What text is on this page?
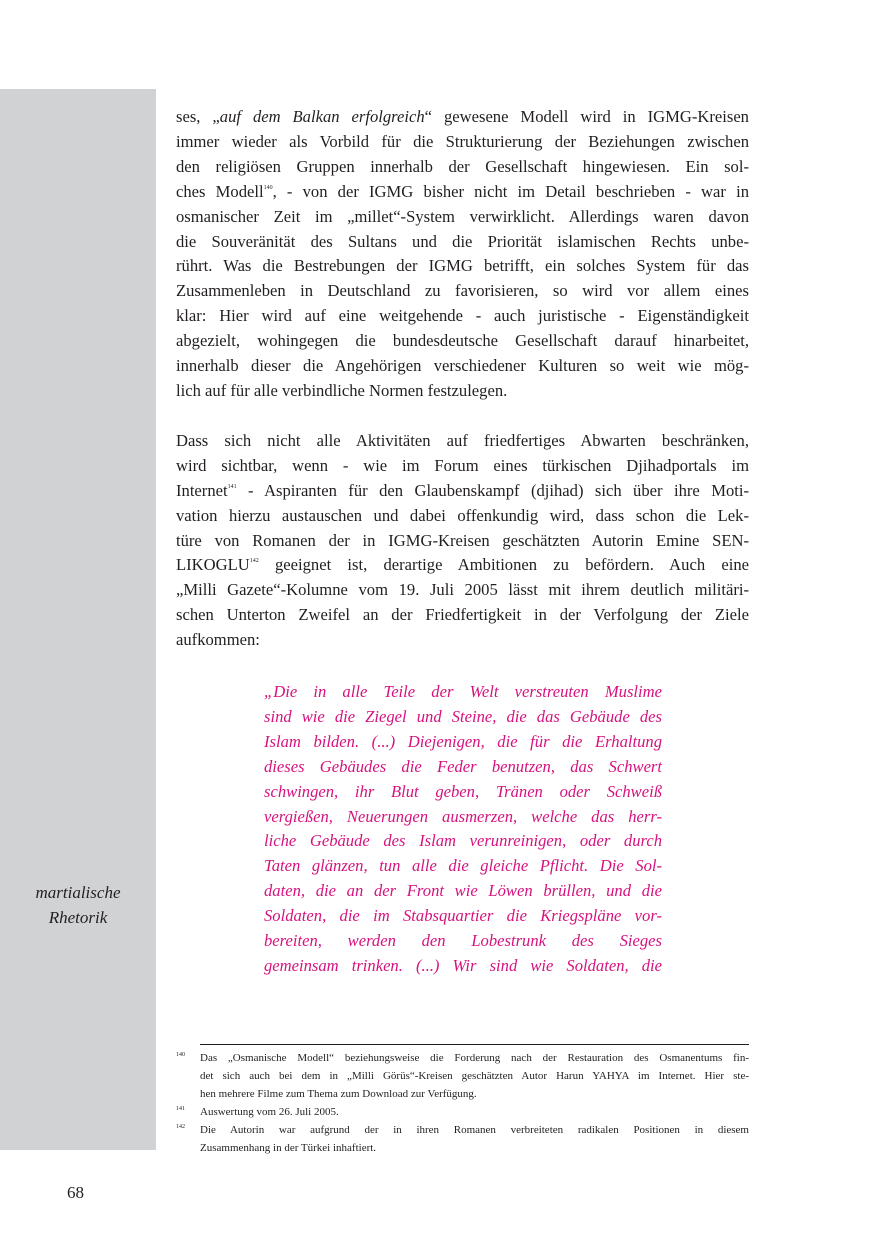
martialische
Rhetorik

ses, „auf dem Balkan erfolgreich“ gewesene Modell wird in IGMG-Kreisen
immer wieder als Vorbild für die Strukturierung der Beziehungen zwischen
den religiösen Gruppen innerhalb der Gesellschaft hingewiesen. Ein sol-
ches Modell$^{140}$, - von der IGMG bisher nicht im Detail beschrieben - war in
osmanischer Zeit im „millet“-System verwirklicht. Allerdings waren davon
die Souveränität des Sultans und die Priorität islamischen Rechts unbe-
rührt. Was die Bestrebungen der IGMG betrifft, ein solches System für das
Zusammenleben in Deutschland zu favorisieren, so wird vor allem eines
klar: Hier wird auf eine weitgehende - auch juristische - Eigenständigkeit
abgezielt, wohingegen die bundesdeutsche Gesellschaft darauf hinarbeitet,
innerhalb dieser die Angehörigen verschiedener Kulturen so weit wie mög-
lich auf für alle verbindliche Normen festzulegen.

Dass sich nicht alle Aktivitäten auf friedfertiges Abwarten beschränken,
wird sichtbar, wenn - wie im Forum eines türkischen Djihadportals im
Internet$^{141}$ - Aspiranten für den Glaubenskampf (djihad) sich über ihre Moti-
vation hierzu austauschen und dabei offenkundig wird, dass schon die Lek-
türe von Romanen der in IGMG-Kreisen geschätzten Autorin Emine SEN-
LIKOGLU$^{142}$ geeignet ist, derartige Ambitionen zu befördern. Auch eine
„Milli Gazete“-Kolumne vom 19. Juli 2005 lässt mit ihrem deutlich militäri-
schen Unterton Zweifel an der Friedfertigkeit in der Verfolgung der Ziele
aufkommen:

„Die in alle Teile der Welt verstreuten Muslime
sind wie die Ziegel und Steine, die das Gebäude des
Islam bilden. (...) Diejenigen, die für die Erhaltung
dieses Gebäudes die Feder benutzen, das Schwert
schwingen, ihr Blut geben, Tränen oder Schweiß
vergießen, Neuerungen ausmerzen, welche das herr-
liche Gebäude des Islam verunreinigen, oder durch
Taten glänzen, tun alle die gleiche Pflicht. Die Sol-
daten, die an der Front wie Löwen brüllen, und die
Soldaten, die im Stabsquartier die Kriegspläne vor-
bereiten, werden den Lobestrunk des Sieges
gemeinsam trinken. (...) Wir sind wie Soldaten, die
140 Das „Osmanische Modell“ beziehungsweise die Forderung nach der Restauration des Osmanentums fin-
det sich auch bei dem in „Milli Görüs“-Kreisen geschätzten Autor Harun YAHYA im Internet. Hier ste-
hen mehrere Filme zum Thema zum Download zur Verfügung.
141 Auswertung vom 26. Juli 2005.
142 Die Autorin war aufgrund der in ihren Romanen verbreiteten radikalen Positionen in diesem
Zusammenhang in der Türkei inhaftiert.
68
